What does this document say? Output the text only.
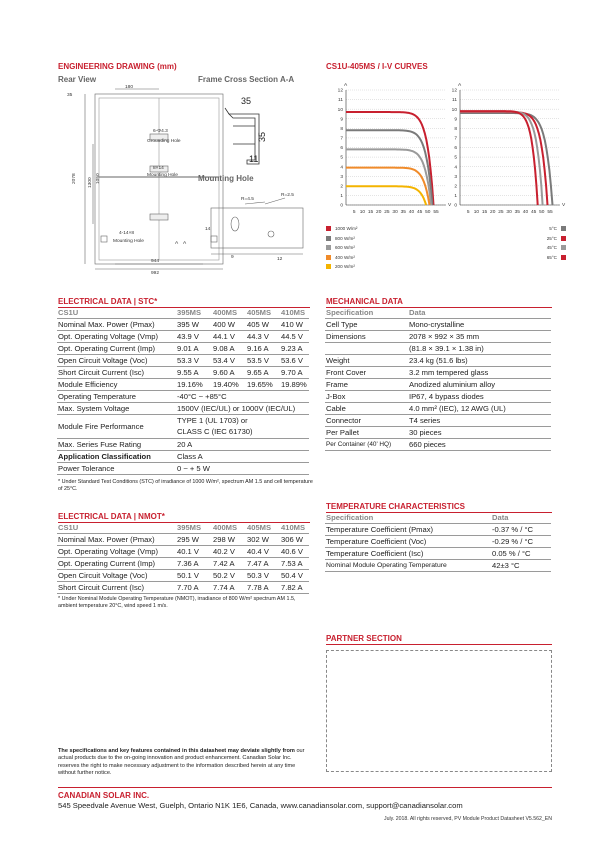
ENGINEERING DRAWING (mm)
Rear View	Frame Cross Section A-A
Mounting Hole
180
35
2078 1300 1050
944
992
6-Φ4.3
Grounding Hole
8×14
Mounting Hole
4-14×8
Mounting Hole	A A
35
35
11
R=4.5
R=2.5
14
9	12
CS1U-405MS / I-V CURVES
A
0
1
2
3
4
5
6
7
8
9
10
11
12
5 10 15 20 25 30 35 40 45 50 55
V
A
0
1
2
3
4
5
6
7
8
9
10
11
12
5 10 15 20 25 30 35 40 45 50 55
V
1000 W/m²
800 W/m²
600 W/m²
400 W/m²
200 W/m²
5°C
25°C
45°C
65°C
ELECTRICAL DATA | STC*
CS1U	395MS	400MS	405MS	410MS
Nominal Max. Power (Pmax)	395 W	400 W	405 W	410 W
Opt. Operating Voltage (Vmp)	43.9 V	44.1 V	44.3 V	44.5 V
Opt. Operating Current (Imp)	9.01 A	9.08 A	9.16 A	9.23 A
Open Circuit Voltage (Voc)	53.3 V	53.4 V	53.5 V	53.6 V
Short Circuit Current (Isc)	9.55 A	9.60 A	9.65 A	9.70 A
Module Efficiency	19.16%	19.40%	19.65%	19.89%
Operating Temperature	-40°C ~ +85°C			
Max. System Voltage	1500V (IEC/UL) or 1000V (IEC/UL)			
Module Fire Performance	TYPE 1 (UL 1703) or			
	CLASS C (IEC 61730)			
Max. Series Fuse Rating	20 A			
Application Classification	Class A			
Power Tolerance	0 ~ + 5 W			
* Under Standard Test Conditions (STC) of irradiance of 1000 W/m², spectrum AM 1.5 and cell temperature of 25°C.
ELECTRICAL DATA | NMOT*
CS1U	395MS	400MS	405MS	410MS
Nominal Max. Power (Pmax)	295 W	298 W	302 W	306 W
Opt. Operating Voltage (Vmp)	40.1 V	40.2 V	40.4 V	40.6 V
Opt. Operating Current (Imp)	7.36 A	7.42 A	7.47 A	7.53 A
Open Circuit Voltage (Voc)	50.1 V	50.2 V	50.3 V	50.4 V
Short Circuit Current (Isc)	7.70 A	7.74 A	7.78 A	7.82 A
* Under Nominal Module Operating Temperature (NMOT), irradiance of 800 W/m² spectrum AM 1.5, ambient temperature 20°C, wind speed 1 m/s.
MECHANICAL DATA
Specification	Data
Cell Type	Mono-crystalline
Dimensions	2078 × 992 × 35 mm
	(81.8 × 39.1 × 1.38 in)
Weight	23.4 kg (51.6 lbs)
Front Cover	3.2 mm tempered glass
Frame	Anodized aluminium alloy
J-Box	IP67, 4 bypass diodes
Cable	4.0 mm² (IEC), 12 AWG (UL)
Connector	T4 series
Per Pallet	30 pieces
Per Container (40' HQ)	660 pieces
TEMPERATURE CHARACTERISTICS
Specification	Data
Temperature Coefficient (Pmax)	-0.37 % / °C
Temperature Coefficient (Voc)	-0.29 % / °C
Temperature Coefficient (Isc)	0.05 % / °C
Nominal Module Operating Temperature	42±3 °C
PARTNER SECTION
The specifications and key features contained in this datasheet may deviate slightly from our actual products due to the on-going innovation and product enhancement. Canadian Solar Inc. reserves the right to make necessary adjustment to the information described herein at any time without further notice.
CANADIAN SOLAR INC.
545 Speedvale Avenue West, Guelph, Ontario N1K 1E6, Canada, www.canadiansolar.com, support@canadiansolar.com
July. 2018. All rights reserved, PV Module Product Datasheet V5.562_EN
